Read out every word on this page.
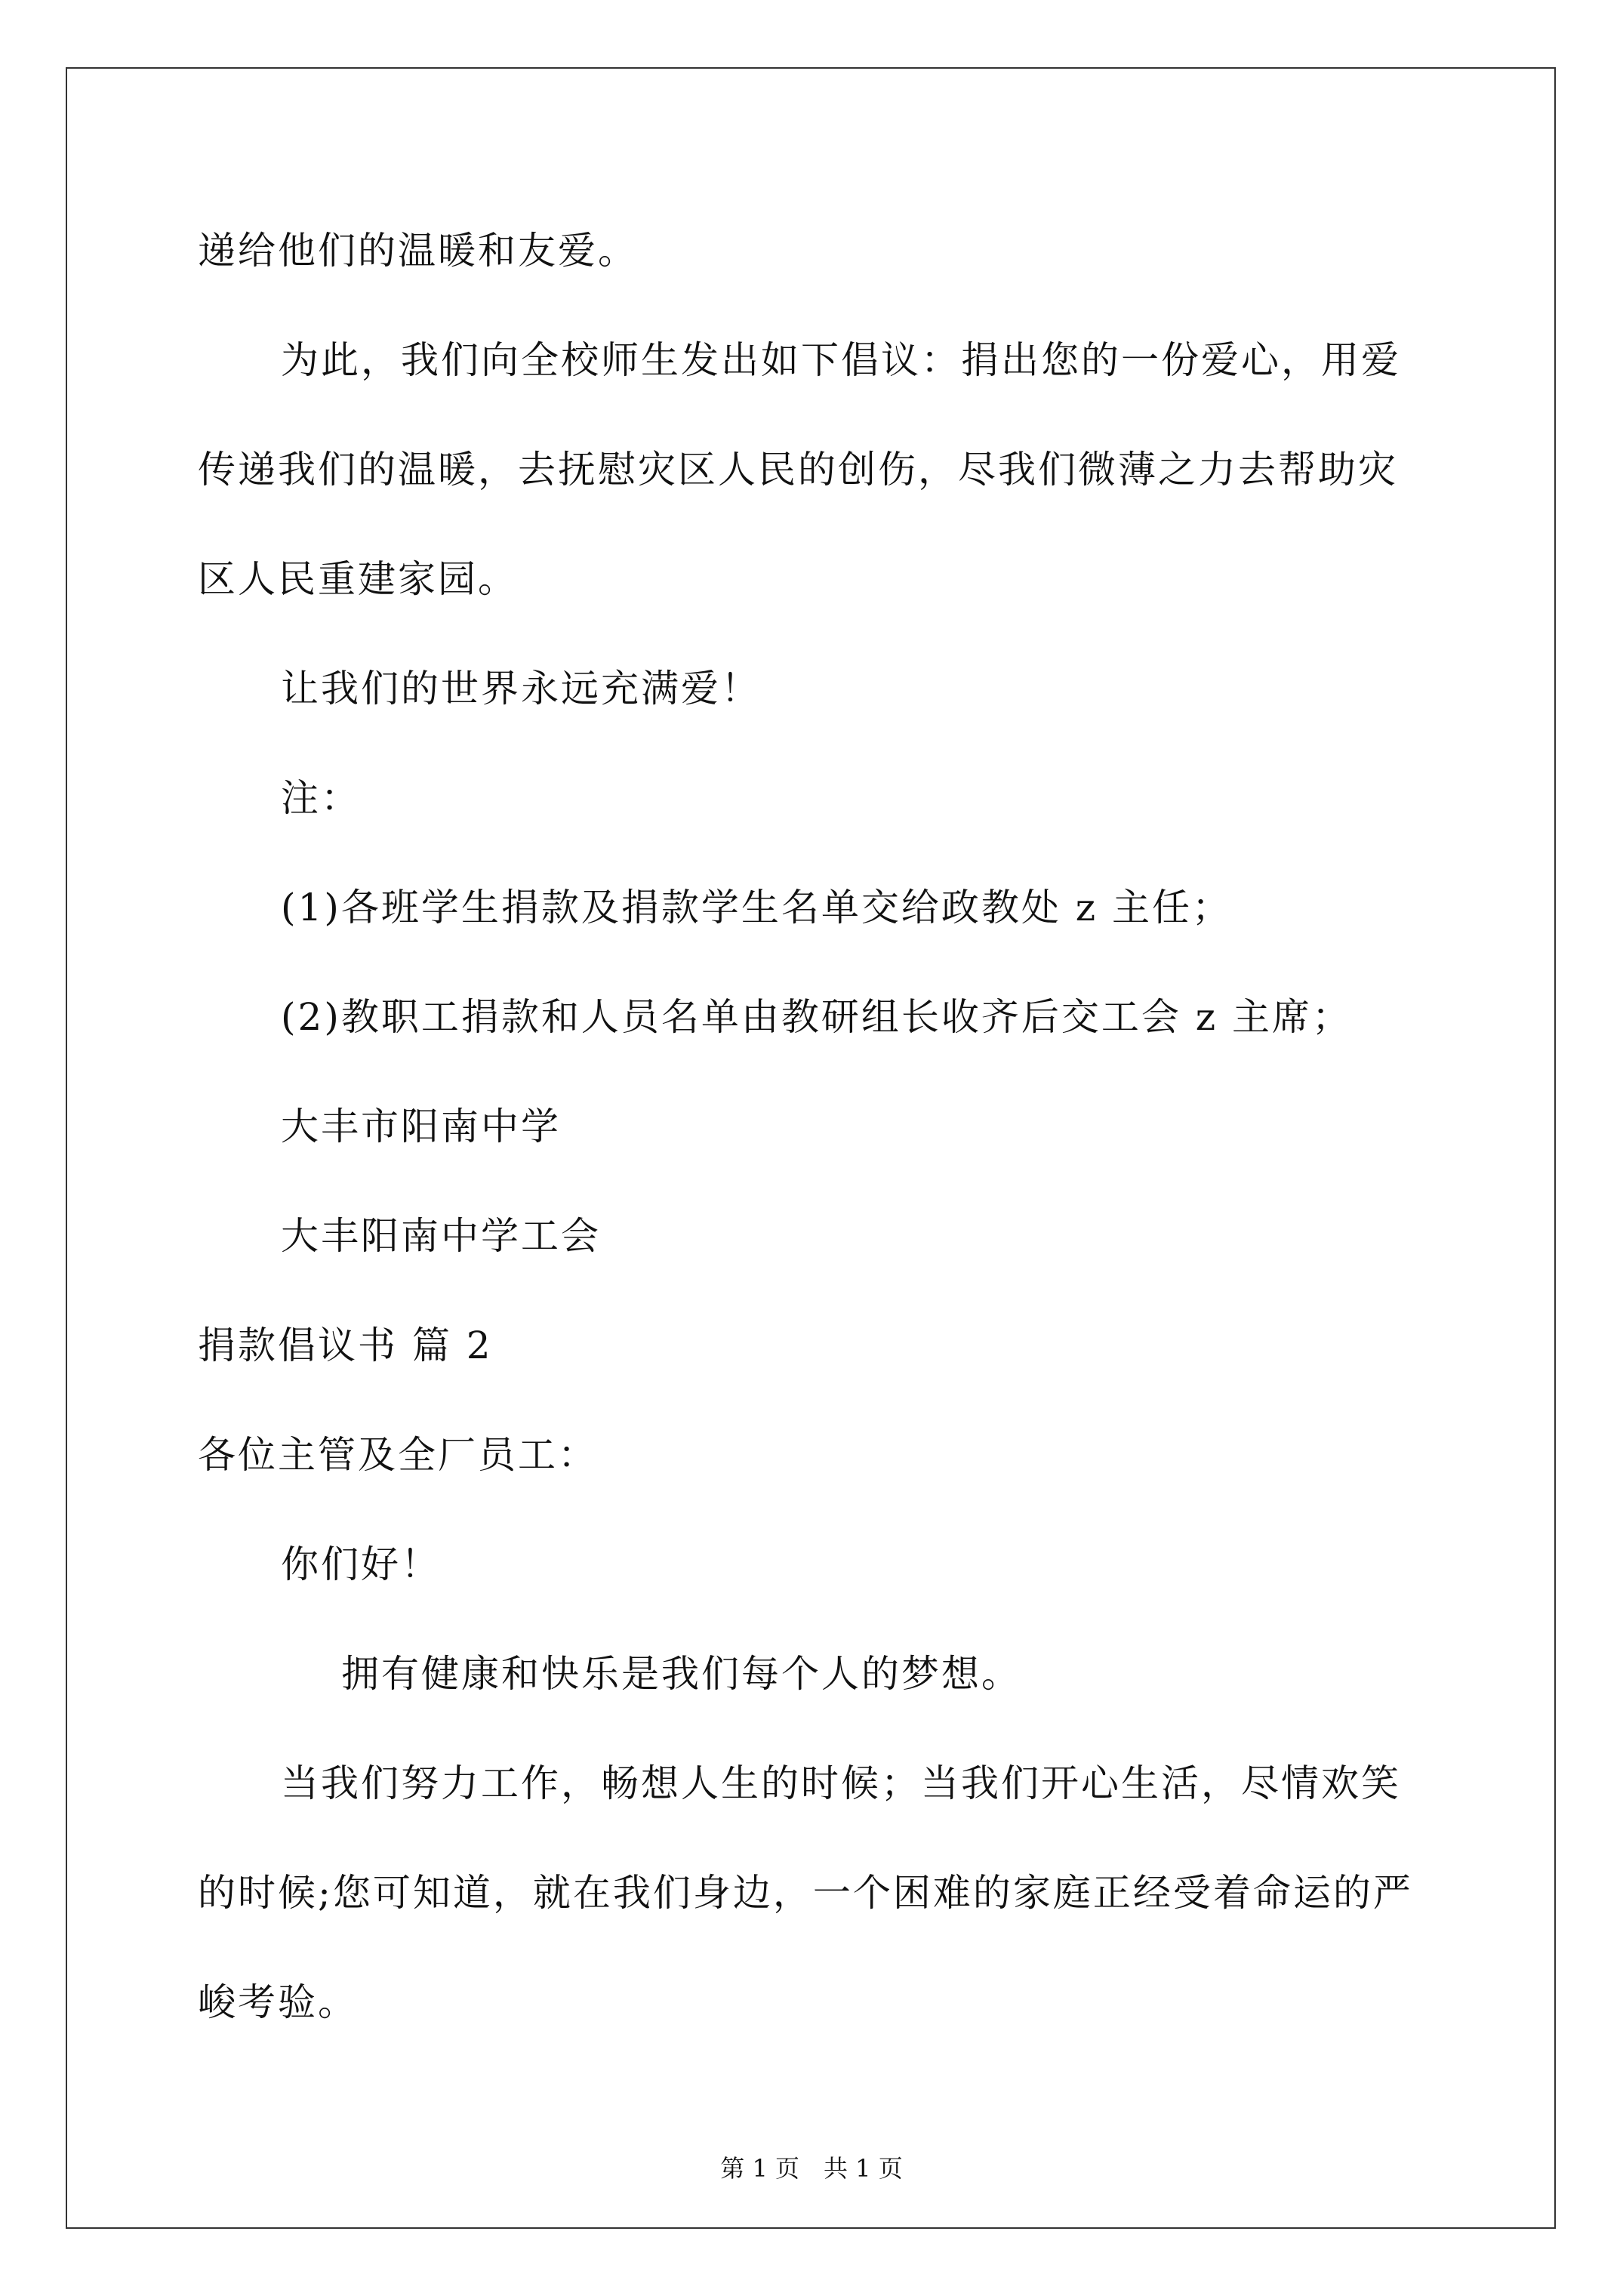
递给他们的温暖和友爱。
为此，我们向全校师生发出如下倡议：捐出您的一份爱心，用爱
传递我们的温暖，去抚慰灾区人民的创伤，尽我们微薄之力去帮助灾
区人民重建家园。
让我们的世界永远充满爱！
注：
(1)各班学生捐款及捐款学生名单交给政教处 z 主任；
(2)教职工捐款和人员名单由教研组长收齐后交工会 z 主席；
大丰市阳南中学
大丰阳南中学工会
捐款倡议书 篇 2
各位主管及全厂员工：
你们好！
拥有健康和快乐是我们每个人的梦想。
当我们努力工作，畅想人生的时候；当我们开心生活，尽情欢笑
的时候;您可知道，就在我们身边，一个困难的家庭正经受着命运的严
峻考验。
第 1 页　共 1 页
